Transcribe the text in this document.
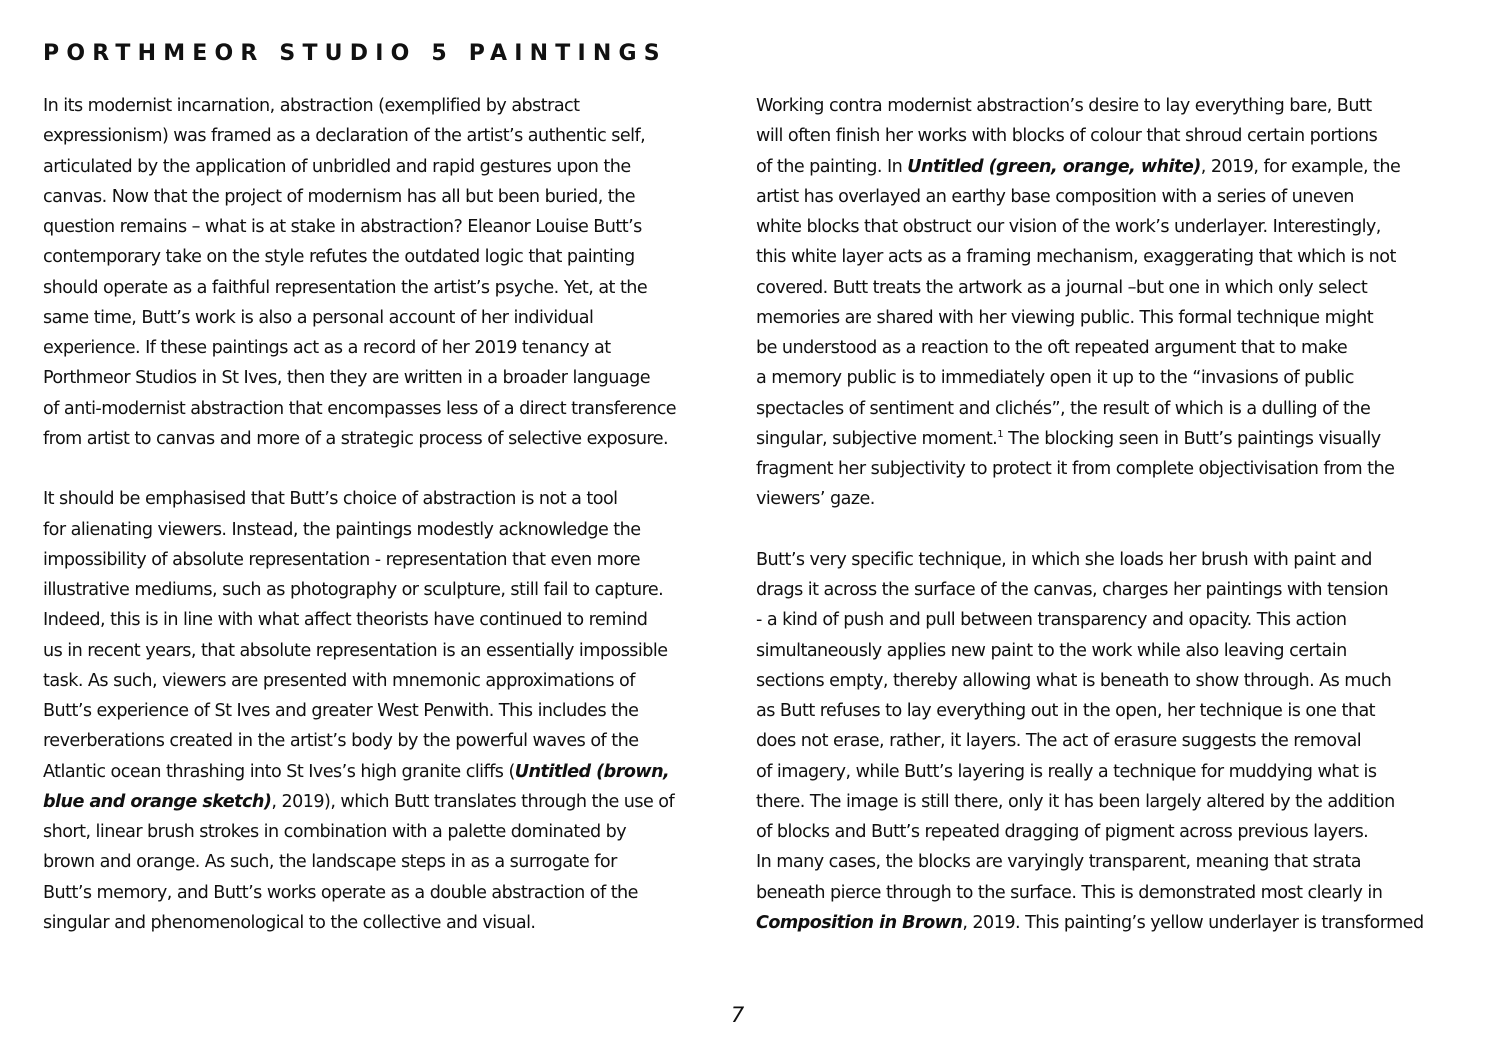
PORTHMEOR STUDIO 5 PAINTINGS
In its modernist incarnation, abstraction (exemplified by abstract
expressionism) was framed as a declaration of the artist’s authentic self,
articulated by the application of unbridled and rapid gestures upon the
canvas. Now that the project of modernism has all but been buried, the
question remains – what is at stake in abstraction? Eleanor Louise Butt’s
contemporary take on the style refutes the outdated logic that painting
should operate as a faithful representation the artist’s psyche. Yet, at the
same time, Butt’s work is also a personal account of her individual
experience. If these paintings act as a record of her 2019 tenancy at
Porthmeor Studios in St Ives, then they are written in a broader language
of anti-modernist abstraction that encompasses less of a direct transference
from artist to canvas and more of a strategic process of selective exposure.
It should be emphasised that Butt’s choice of abstraction is not a tool
for alienating viewers. Instead, the paintings modestly acknowledge the
impossibility of absolute representation - representation that even more
illustrative mediums, such as photography or sculpture, still fail to capture.
Indeed, this is in line with what affect theorists have continued to remind
us in recent years, that absolute representation is an essentially impossible
task. As such, viewers are presented with mnemonic approximations of
Butt’s experience of St Ives and greater West Penwith. This includes the
reverberations created in the artist’s body by the powerful waves of the
Atlantic ocean thrashing into St Ives’s high granite cliffs (Untitled (brown,
blue and orange sketch), 2019), which Butt translates through the use of
short, linear brush strokes in combination with a palette dominated by
brown and orange. As such, the landscape steps in as a surrogate for
Butt’s memory, and Butt’s works operate as a double abstraction of the
singular and phenomenological to the collective and visual.
Working contra modernist abstraction’s desire to lay everything bare, Butt
will often finish her works with blocks of colour that shroud certain portions
of the painting. In Untitled (green, orange, white), 2019, for example, the
artist has overlayed an earthy base composition with a series of uneven
white blocks that obstruct our vision of the work’s underlayer. Interestingly,
this white layer acts as a framing mechanism, exaggerating that which is not
covered. Butt treats the artwork as a journal –but one in which only select
memories are shared with her viewing public. This formal technique might
be understood as a reaction to the oft repeated argument that to make
a memory public is to immediately open it up to the “invasions of public
spectacles of sentiment and clichés”, the result of which is a dulling of the
singular, subjective moment.$^1$ The blocking seen in Butt’s paintings visually
fragment her subjectivity to protect it from complete objectivisation from the
viewers’ gaze.
Butt’s very specific technique, in which she loads her brush with paint and
drags it across the surface of the canvas, charges her paintings with tension
- a kind of push and pull between transparency and opacity. This action
simultaneously applies new paint to the work while also leaving certain
sections empty, thereby allowing what is beneath to show through. As much
as Butt refuses to lay everything out in the open, her technique is one that
does not erase, rather, it layers. The act of erasure suggests the removal
of imagery, while Butt’s layering is really a technique for muddying what is
there. The image is still there, only it has been largely altered by the addition
of blocks and Butt’s repeated dragging of pigment across previous layers.
In many cases, the blocks are varyingly transparent, meaning that strata
beneath pierce through to the surface. This is demonstrated most clearly in
Composition in Brown, 2019. This painting’s yellow underlayer is transformed
7
